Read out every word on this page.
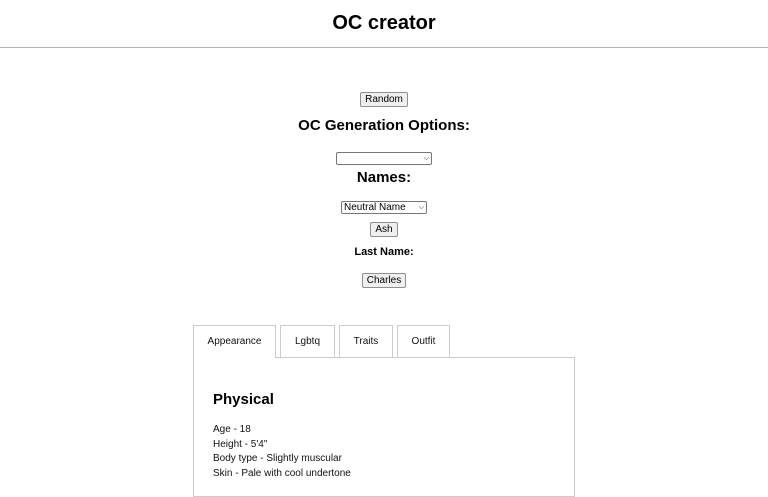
OC creator
Random
OC Generation Options:
⌵
Names:
Neutral Name ⌵
Ash
Last Name:
Charles
Appearance	Lgbtq	Traits	Outfit
Physical
Age - 18
Height - 5'4"
Body type - Slightly muscular
Skin - Pale with cool undertone
